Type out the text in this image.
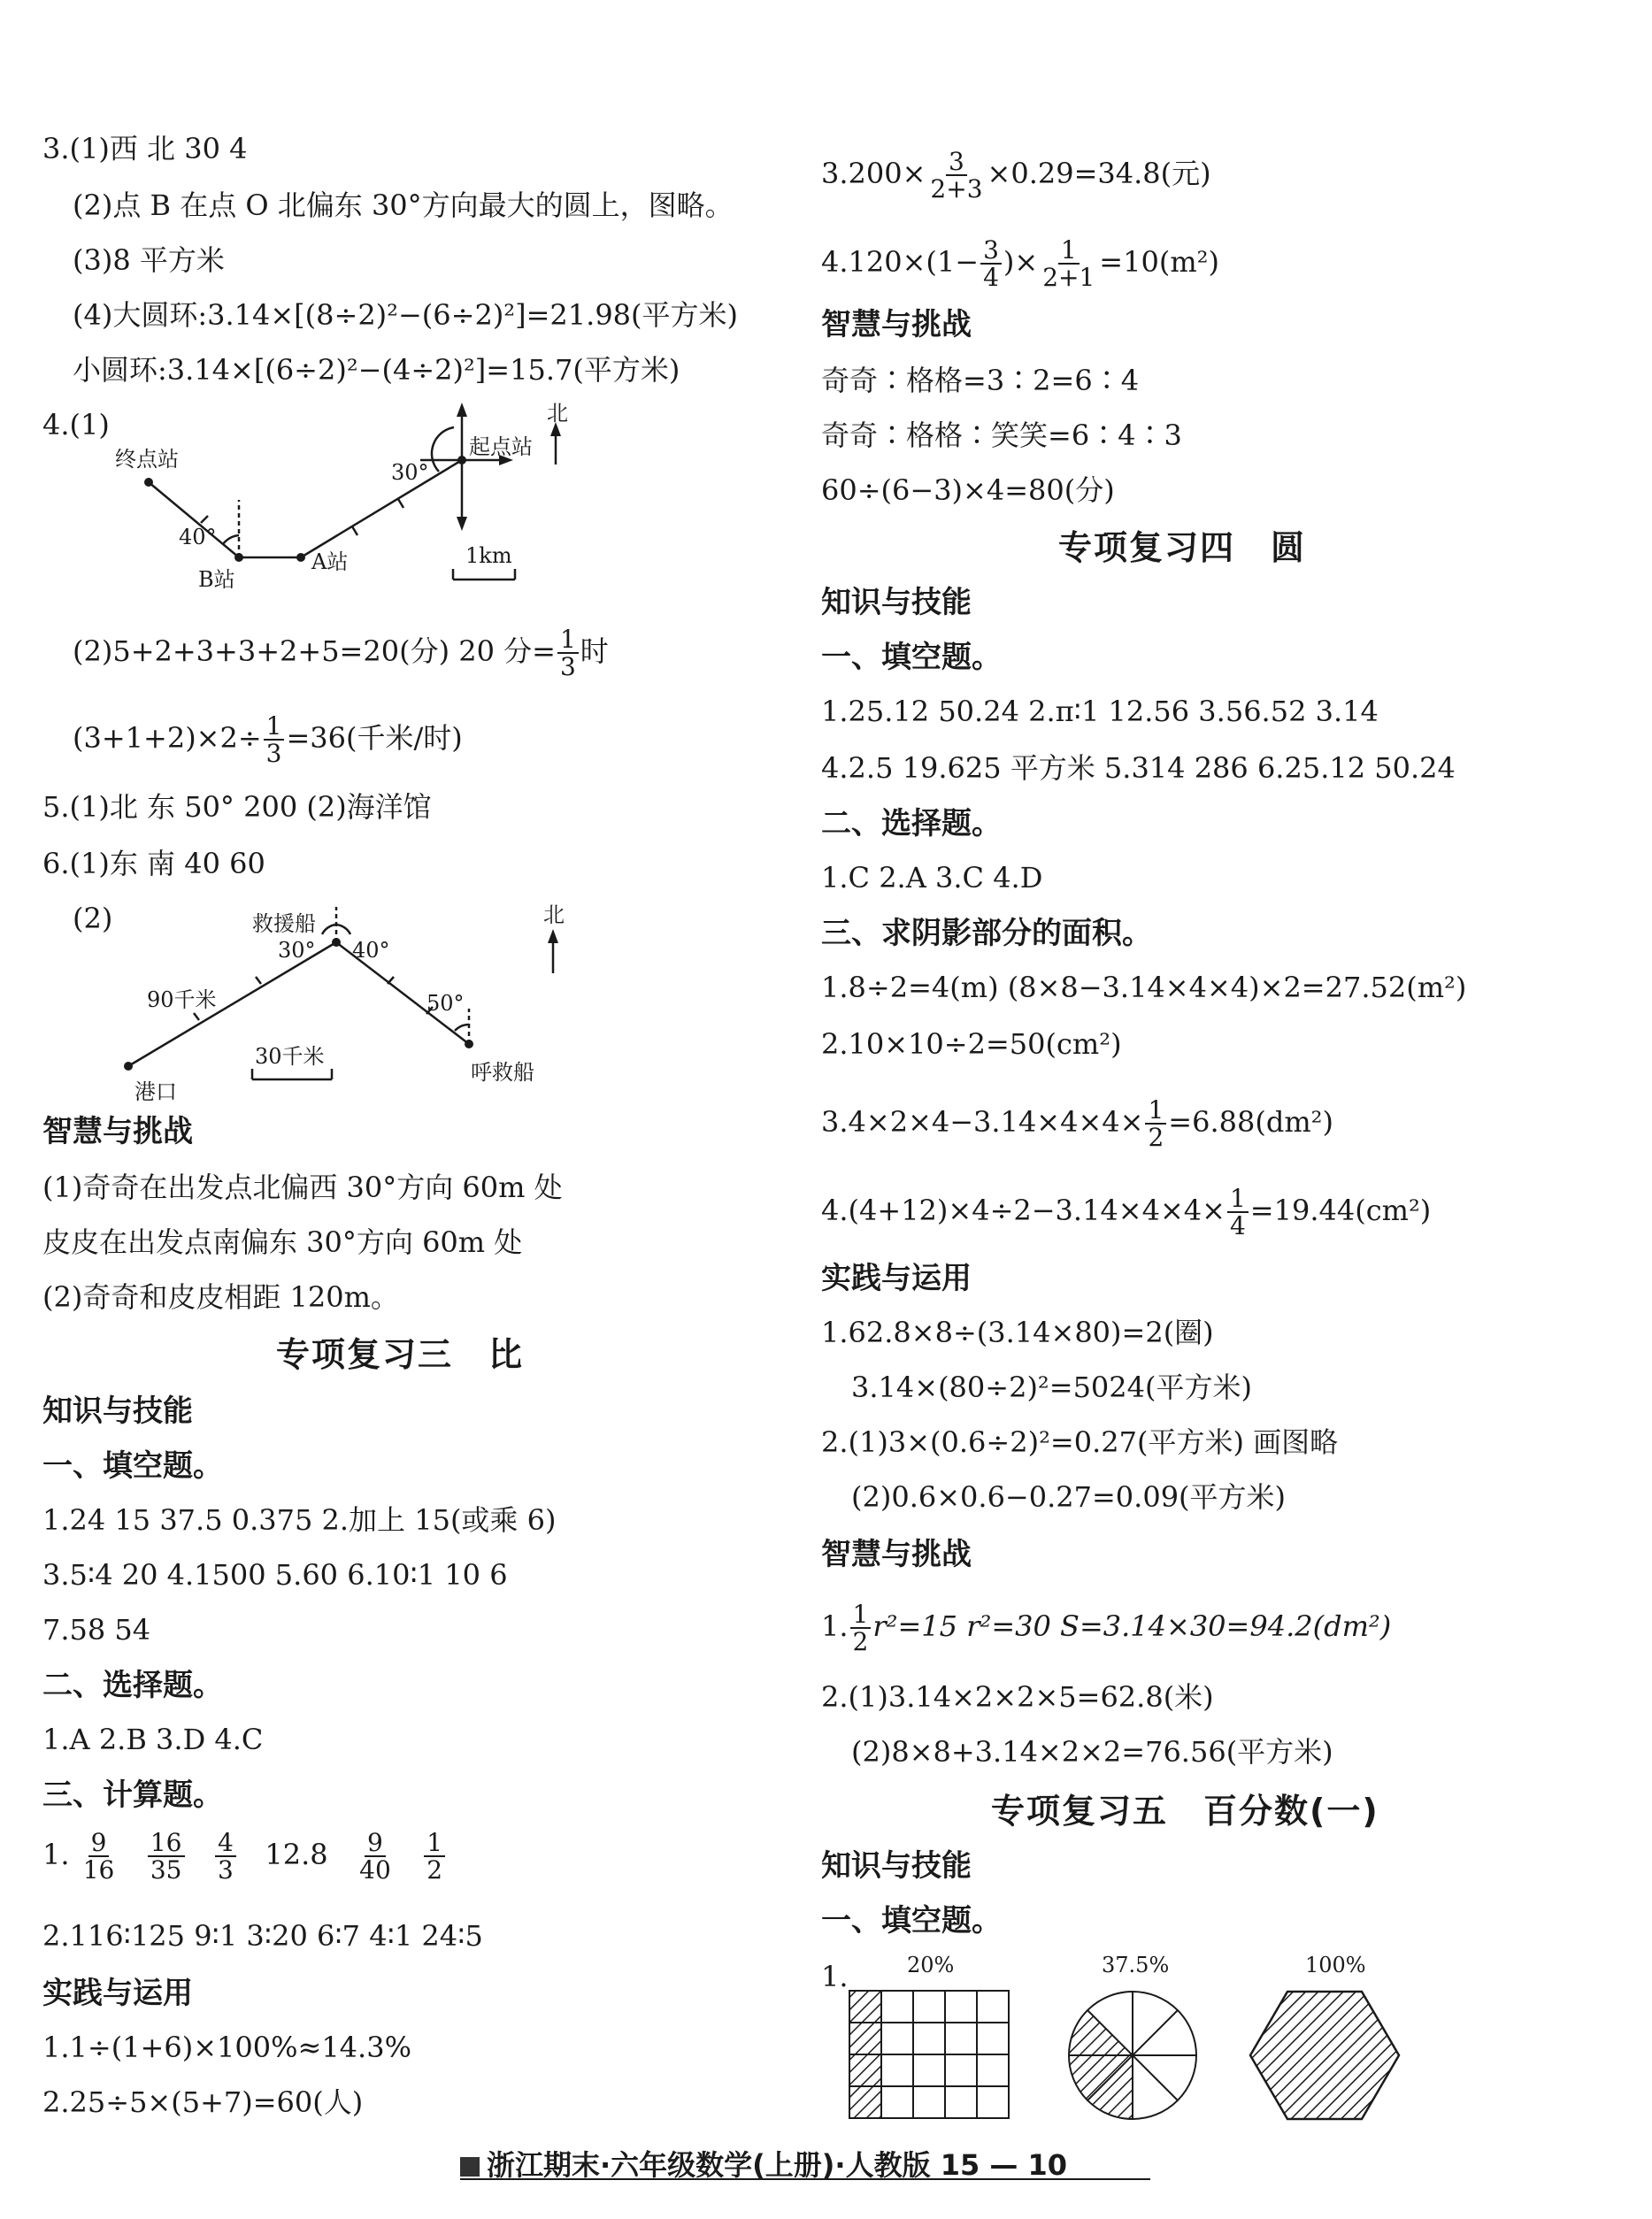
3.(1)西 北 30 4
(2)点 B 在点 O 北偏东 30°方向最大的圆上，图略。
(3)8 平方米
(4)大圆环:3.14×[(8÷2)²−(6÷2)²]=21.98(平方米)
小圆环:3.14×[(6÷2)²−(4÷2)²]=15.7(平方米)
4.(1)
终点站	起点站
A站
B站
北
30°
40°
1km
(2)5+2+3+3+2+5=20(分) 20 分= $\frac{1}{3}$ 时
$(3+1+2)\times 2\div \frac{1}{3} =36$(千米/时)
5.(1)北 东 50° 200 (2)海洋馆
6.(1)东 南 40 60
(2)	救援船
港口
呼救船
北
90千米
30千米
30° 40°
50°
智慧与挑战
(1)奇奇在出发点北偏西 30°方向 60m 处
皮皮在出发点南偏东 30°方向 60m 处
(2)奇奇和皮皮相距 120m。
专项复习三　比
知识与技能
一、填空题。
1.24 15 37.5 0.375 2.加上 15(或乘 6)
3.5∶4 20 4.1500 5.60 6.10∶1 10 6
7.58 54
二、选择题。
1.A 2.B 3.D 4.C
三、计算题。
1. $\frac{9}{16}$
$\frac{16}{35}$
$\frac{4}{3} 12.8 \frac{9}{40}$
$\frac{1}{2}$
2.116∶125 9∶1 3∶20 6∶7 4∶1 24∶5
实践与运用
1.1÷(1+6)×100%≈14.3%
2.25÷5×(5+7)=60(人)
$3.200\times \frac{3}{2+3} \times 0.29=34.8$(元)
$4.120\times(1- \frac{3}{4}$ )× $\frac{1}{2+1} =10(m^2)$
智慧与挑战
奇奇∶格格=3∶2=6∶4
奇奇∶格格∶笑笑=6∶4∶3
60÷(6−3)×4=80(分)
专项复习四　圆
知识与技能
一、填空题。
1.25.12 50.24 2.π∶1 12.56 3.56.52 3.14
4.2.5 19.625 平方米 5.314 286 6.25.12 50.24
二、选择题。
1.C 2.A 3.C 4.D
三、求阴影部分的面积。
1.8÷2=4(m) (8×8−3.14×4×4)×2=27.52(m²)
2.10×10÷2=50(cm²)
$3.4\times 2\times 4-3.14\times 4\times 4\times \frac{1}{2} =6.88(dm^2)$
$4.(4+12)\times 4\div 2-3.14\times 4\times 4\times \frac{1}{4} =19.44(cm^2)$
实践与运用
1.62.8×8÷(3.14×80)=2(圈)
3.14×(80÷2)²=5024(平方米)
2.(1)3×(0.6÷2)²=0.27(平方米) 画图略
(2)0.6×0.6−0.27=0.09(平方米)
智慧与挑战
1. $\frac{1}{2} r^2=15$ r²=30 S=3.14×30=94.2(dm²)
2.(1)3.14×2×2×5=62.8(米)
(2)8×8+3.14×2×2=76.56(平方米)
专项复习五　百分数(一)
知识与技能
一、填空题。
1.	20%	37.5%	100%
浙江期末·六年级数学(上册)·人教版 15 — 10
